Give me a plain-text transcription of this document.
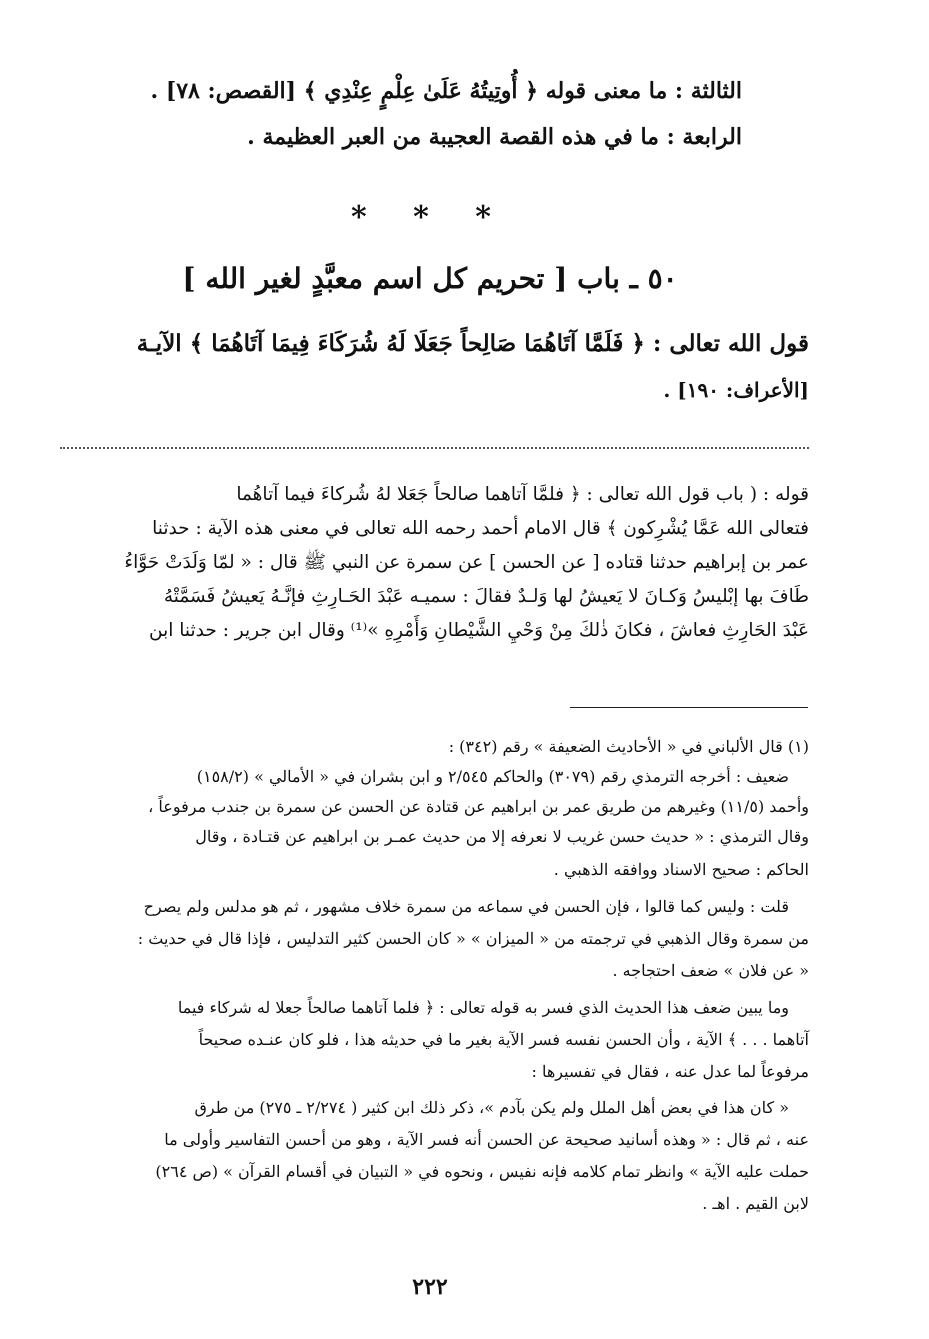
الثالثة : ما معنى قوله ﴿ أُوتِيتُهُ عَلَىٰ عِلْمٍ عِنْدِي ﴾ [القصص: ٧٨] .
الرابعة : ما في هذه القصة العجيبة من العبر العظيمة .
* * *
٥٠ ـ باب [ تحريم كل اسم معبَّدٍ لغير الله ]
قول الله تعالى : ﴿ فَلَمَّا آتَاهُمَا صَالِحاً جَعَلَا لَهُ شُرَكَاءَ فِيمَا آتَاهُمَا ﴾ الآيـة
[الأعراف: ١٩٠] .
قوله : ( باب قول الله تعالى : ﴿ فلمَّا آتاهما صالحاً جَعَلا لهُ شُركاءَ فيما آتاهُما
فتعالى الله عَمَّا يُشْرِكون ﴾ قال الامام أحمد رحمه الله تعالى في معنى هذه الآية : حدثنا
عمر بن إبراهيم حدثنا قتاده [ عن الحسن ] عن سمرة عن النبي ﷺ قال : « لمّا وَلَدَتْ حَوَّاءُ
طَافَ بها إبْليسُ وَكـانَ لا يَعيشُ لها وَلـدٌ فقالَ : سميـه عَبْدَ الحَـارِثِ فإنَّـهُ يَعيشُ فَسَمَّتْهُ
عَبْدَ الحَارِثِ فعاشَ ، فكانَ ذٰلكَ مِنْ وَحْيِ الشَّيْطانِ وَأَمْرِهِ »⁽¹⁾ وقال ابن جرير : حدثنا ابن
(١) قال الألباني في « الأحاديث الضعيفة » رقم (٣٤٢) :
ضعيف : أخرجه الترمذي رقم (٣٠٧٩) والحاكم ٢/٥٤٥ و ابن بشران في « الأمالي » (١٥٨/٢)
وأحمد (١١/٥) وغيرهم من طريق عمر بن ابراهيم عن قتادة عن الحسن عن سمرة بن جندب مرفوعاً ،
وقال الترمذي : « حديث حسن غريب لا نعرفه إلا من حديث عمـر بن ابراهيم عن قتـادة ، وقال
الحاكم : صحيح الاسناد ووافقه الذهبي .
قلت : وليس كما قالوا ، فإن الحسن في سماعه من سمرة خلاف مشهور ، ثم هو مدلس ولم يصرح
من سمرة وقال الذهبي في ترجمته من « الميزان » « كان الحسن كثير التدليس ، فإذا قال في حديث :
« عن فلان » ضعف احتجاجه .
وما يبين ضعف هذا الحديث الذي فسر به قوله تعالى : ﴿ فلما آتاهما صالحاً جعلا له شركاء فيما
آتاهما . . . ﴾ الآية ، وأن الحسن نفسه فسر الآية بغير ما في حديثه هذا ، فلو كان عنـده صحيحاً
مرفوعاً لما عدل عنه ، فقال في تفسيرها :
« كان هذا في بعض أهل الملل ولم يكن بآدم »، ذكر ذلك ابن كثير ( ٢/٢٧٤ ـ ٢٧٥) من طرق
عنه ، ثم قال : « وهذه أسانيد صحيحة عن الحسن أنه فسر الآية ، وهو من أحسن التفاسير وأولى ما
حملت عليه الآية » وانظر تمام كلامه فإنه نفيس ، ونحوه في « التبيان في أقسام القرآن » (ص ٢٦٤)
لابن القيم . اهـ .
٢٢٢
